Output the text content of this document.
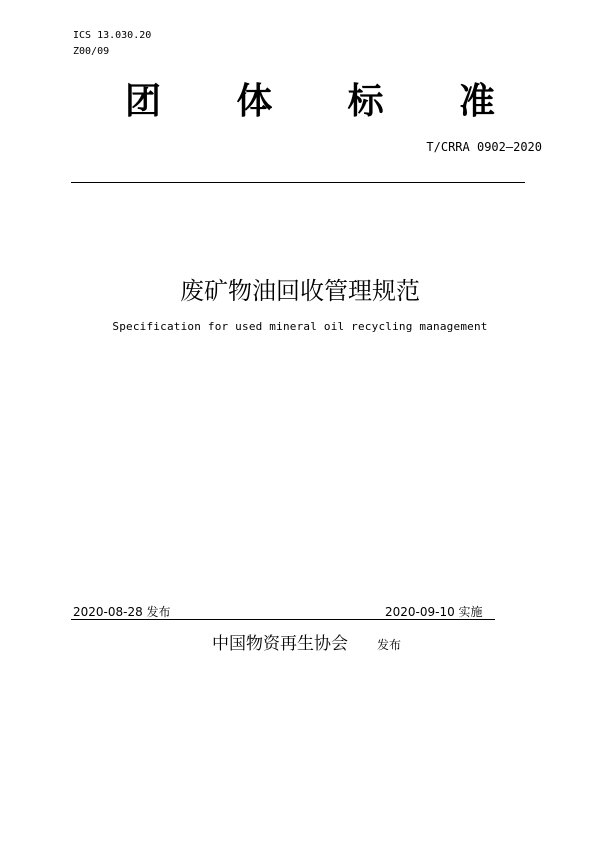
ICS 13.030.20
Z00/09
团 体 标 准
T/CRRA 0902—2020
废矿物油回收管理规范
Specification for used mineral oil recycling management
2020-08-28 发布	2020-09-10 实施
中国物资再生协会 发布
